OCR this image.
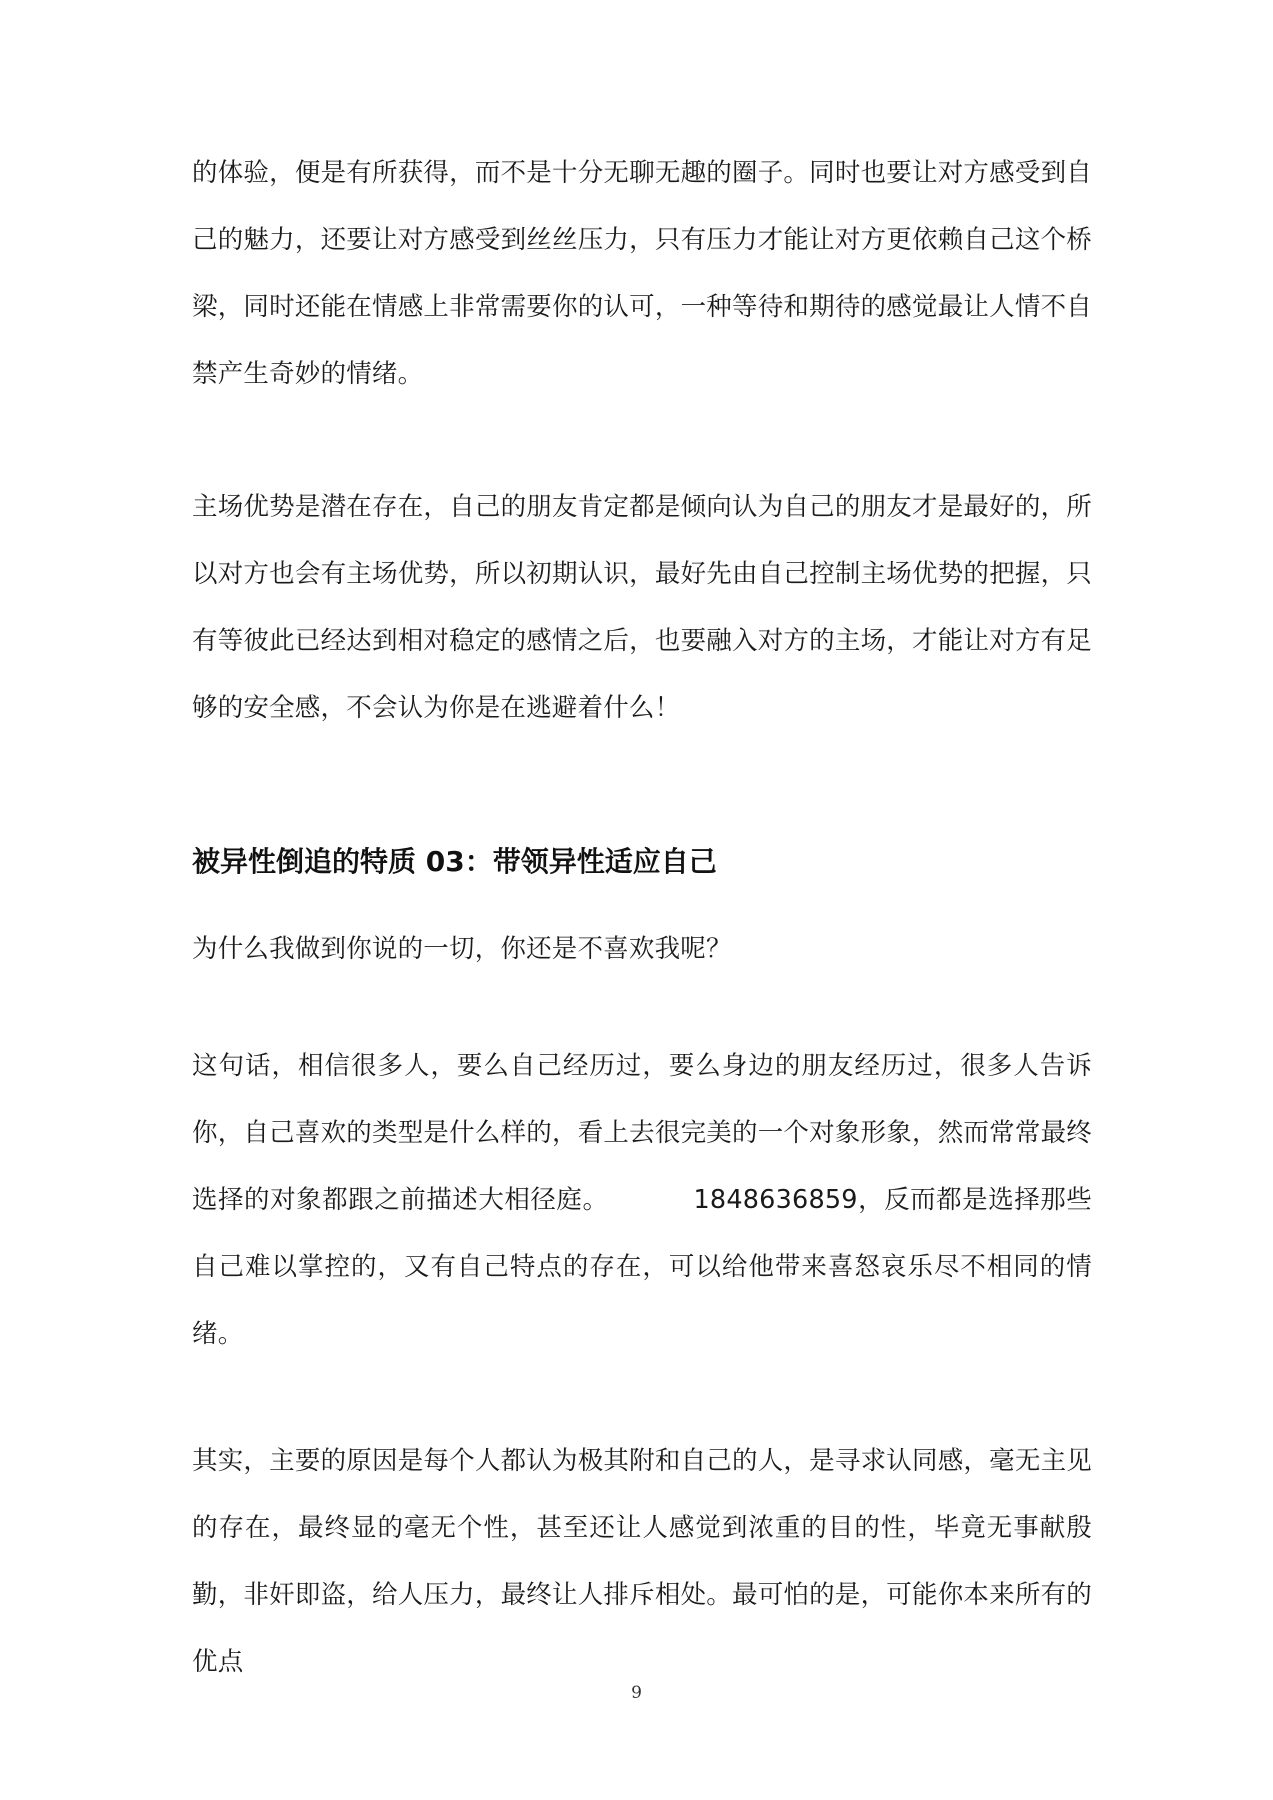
的体验，便是有所获得，而不是十分无聊无趣的圈子。同时也要让对方感受到自己的魅力，还要让对方感受到丝丝压力，只有压力才能让对方更依赖自己这个桥梁，同时还能在情感上非常需要你的认可，一种等待和期待的感觉最让人情不自禁产生奇妙的情绪。

主场优势是潜在存在，自己的朋友肯定都是倾向认为自己的朋友才是最好的，所以对方也会有主场优势，所以初期认识，最好先由自己控制主场优势的把握，只有等彼此已经达到相对稳定的感情之后，也要融入对方的主场，才能让对方有足够的安全感，不会认为你是在逃避着什么！

被异性倒追的特质 03：带领异性适应自己

为什么我做到你说的一切，你还是不喜欢我呢？

这句话，相信很多人，要么自己经历过，要么身边的朋友经历过，很多人告诉你，自己喜欢的类型是什么样的，看上去很完美的一个对象形象，然而常常最终选择的对象都跟之前描述大相径庭。	1848636859，反而都是选择那些自己难以掌控的，又有自己特点的存在，可以给他带来喜怒哀乐尽不相同的情绪。

其实，主要的原因是每个人都认为极其附和自己的人，是寻求认同感，毫无主见的存在，最终显的毫无个性，甚至还让人感觉到浓重的目的性，毕竟无事献殷勤，非奸即盗，给人压力，最终让人排斥相处。最可怕的是，可能你本来所有的优点

9
